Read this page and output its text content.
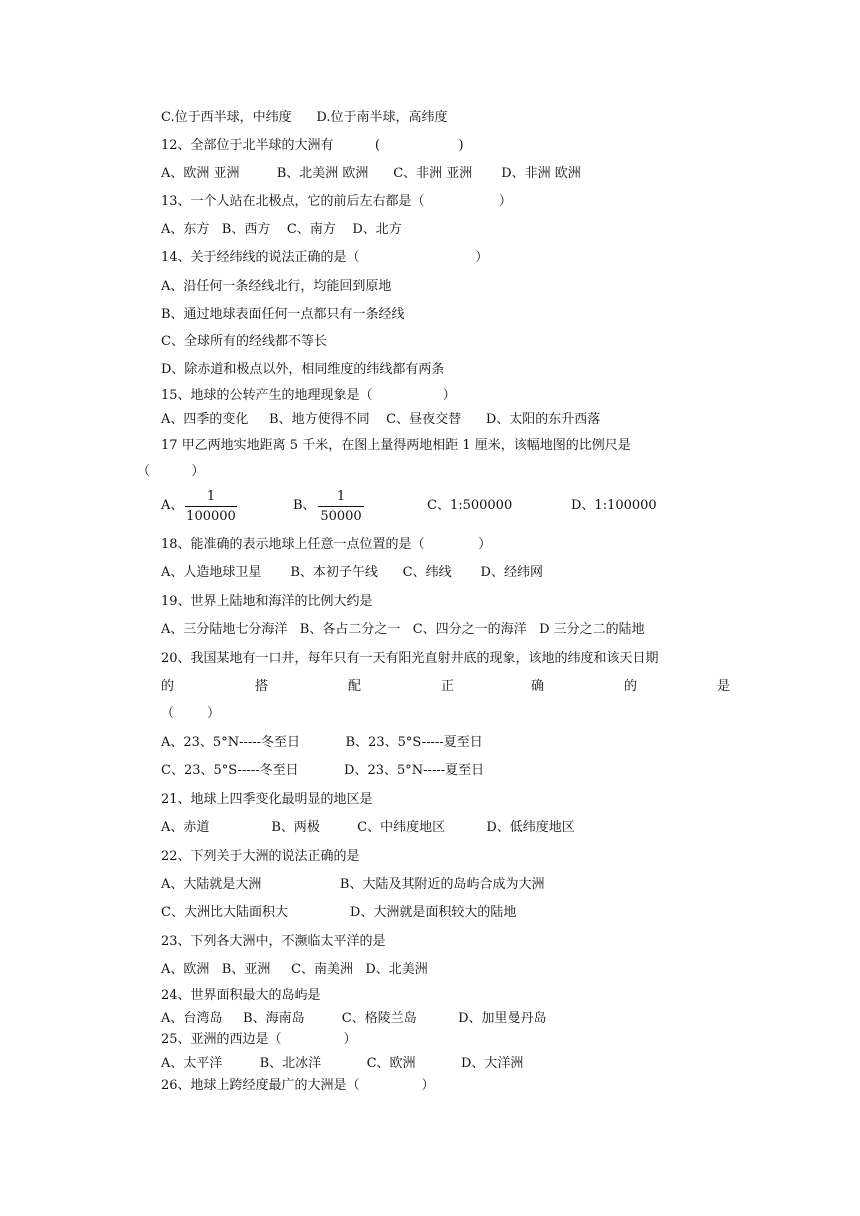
C.位于西半球，中纬度      D.位于南半球，高纬度
12、全部位于北半球的大洲有          (                   )
A、欧洲 亚洲         B、北美洲 欧洲      C、非洲 亚洲       D、非洲 欧洲
13、一个人站在北极点，它的前后左右都是（                  ）
A、东方   B、西方    C、南方    D、北方
14、关于经纬线的说法正确的是（                            ）
A、沿任何一条经线北行，均能回到原地
B、通过地球表面任何一点都只有一条经线
C、全球所有的经线都不等长
D、除赤道和极点以外，相同维度的纬线都有两条
15、地球的公转产生的地理现象是（                 ）
A、四季的变化     B、地方使得不同    C、昼夜交替      D、太阳的东升西落
17 甲乙两地实地距离 5 千米，在图上量得两地相距 1 厘米，该幅地图的比例尺是
（          ）
A、
1
100000
B、
1
50000
C、1:500000	D、1:100000
18、能准确的表示地球上任意一点位置的是（             ）
A、人造地球卫星       B、本初子午线      C、纬线       D、经纬网
19、世界上陆地和海洋的比例大约是
A、三分陆地七分海洋   B、各占二分之一   C、四分之一的海洋   D 三分之二的陆地
20、我国某地有一口井，每年只有一天有阳光直射井底的现象，该地的纬度和该天日期
的	搭	配	正	确	的	是
（        ）
A、23、5°N-----冬至日           B、23、5°S-----夏至日
C、23、5°S-----冬至日           D、23、5°N-----夏至日
21、地球上四季变化最明显的地区是
A、赤道               B、两极         C、中纬度地区          D、低纬度地区
22、下列关于大洲的说法正确的是
A、大陆就是大洲                   B、大陆及其附近的岛屿合成为大洲
C、大洲比大陆面积大               D、大洲就是面积较大的陆地
23、下列各大洲中，不濒临太平洋的是
A、欧洲   B、亚洲     C、南美洲   D、北美洲
24、世界面积最大的岛屿是
A、台湾岛     B、海南岛         C、格陵兰岛          D、加里曼丹岛
25、亚洲的西边是（               ）
A、太平洋         B、北冰洋           C、欧洲           D、大洋洲
26、地球上跨经度最广的大洲是（               ）
